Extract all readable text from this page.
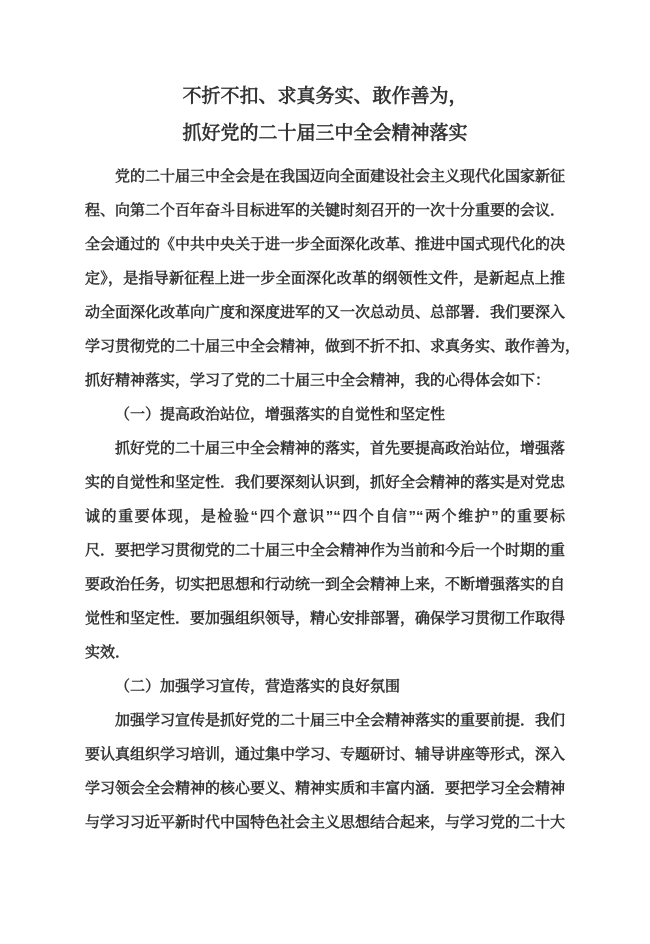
不折不扣、求真务实、敢作善为，
抓好党的二十届三中全会精神落实
党的二十届三中全会是在我国迈向全面建设社会主义现代化国家新征
程、向第二个百年奋斗目标进军的关键时刻召开的一次十分重要的会议．
全会通过的《中共中央关于进一步全面深化改革、推进中国式现代化的决
定》，是指导新征程上进一步全面深化改革的纲领性文件，是新起点上推
动全面深化改革向广度和深度进军的又一次总动员、总部署．我们要深入
学习贯彻党的二十届三中全会精神，做到不折不扣、求真务实、敢作善为，
抓好精神落实，学习了党的二十届三中全会精神，我的心得体会如下：
（一）提高政治站位，增强落实的自觉性和坚定性
抓好党的二十届三中全会精神的落实，首先要提高政治站位，增强落
实的自觉性和坚定性．我们要深刻认识到，抓好全会精神的落实是对党忠
诚的重要体现，是检验“四个意识”“四个自信”“两个维护”的重要标
尺．要把学习贯彻党的二十届三中全会精神作为当前和今后一个时期的重
要政治任务，切实把思想和行动统一到全会精神上来，不断增强落实的自
觉性和坚定性．要加强组织领导，精心安排部署，确保学习贯彻工作取得
实效．
（二）加强学习宣传，营造落实的良好氛围
加强学习宣传是抓好党的二十届三中全会精神落实的重要前提．我们
要认真组织学习培训，通过集中学习、专题研讨、辅导讲座等形式，深入
学习领会全会精神的核心要义、精神实质和丰富内涵．要把学习全会精神
与学习习近平新时代中国特色社会主义思想结合起来，与学习党的二十大
